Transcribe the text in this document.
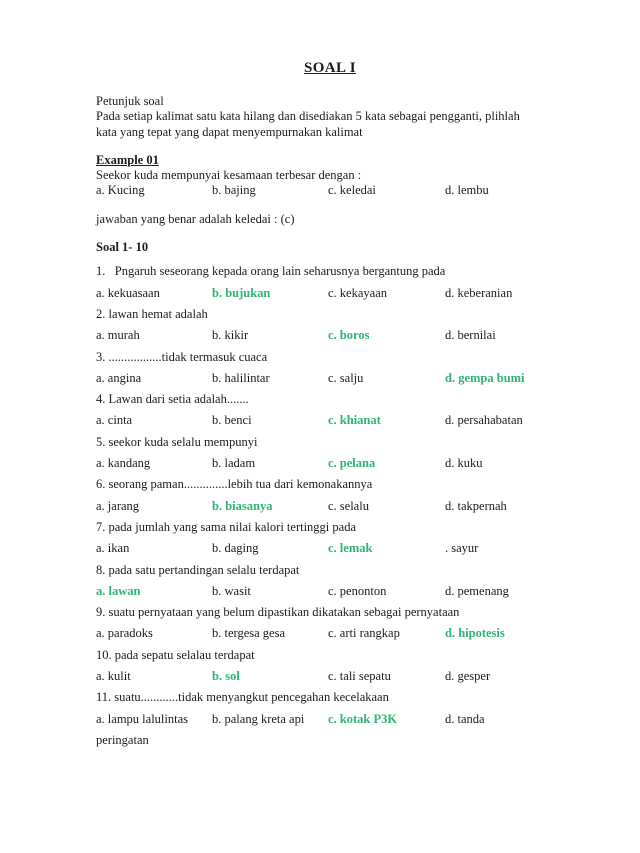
SOAL I
Petunjuk soal
Pada setiap kalimat satu kata hilang dan disediakan 5 kata sebagai pengganti, plihlah
kata yang tepat yang dapat menyempurnakan kalimat
Example 01
Seekor kuda mempunyai kesamaan terbesar dengan :
a. Kucing	b. bajing	c. keledai	d. lembu
jawaban yang benar adalah keledai : (c)
Soal 1- 10
1.   Pngaruh seseorang kepada orang lain seharusnya bergantung pada
a. kekuasaan	b. bujukan	c. kekayaan	d. keberanian
2. lawan hemat adalah
a. murah	b. kikir	c. boros	d. bernilai
3. .................tidak termasuk cuaca
a. angina	b. halilintar	c. salju	d. gempa bumi
4. Lawan dari setia adalah.......
a. cinta	b. benci	c. khianat	d. persahabatan
5. seekor kuda selalu mempunyi
a. kandang	b. ladam	c. pelana	d. kuku
6. seorang paman..............lebih tua dari kemonakannya
a. jarang	b. biasanya	c. selalu	d. takpernah
7. pada jumlah yang sama nilai kalori tertinggi pada
a. ikan	b. daging	c. lemak	. sayur
8. pada satu pertandingan selalu terdapat
a. lawan	b. wasit	c. penonton	d. pemenang
9. suatu pernyataan yang belum dipastikan dikatakan sebagai pernyataan
a. paradoks	b. tergesa gesa	c. arti rangkap	d. hipotesis
10. pada sepatu selalau terdapat
a. kulit	b. sol	c. tali sepatu	d. gesper
11. suatu............tidak menyangkut pencegahan kecelakaan
a. lampu lalulintas	b. palang kreta api	c. kotak P3K	d. tanda
peringatan
